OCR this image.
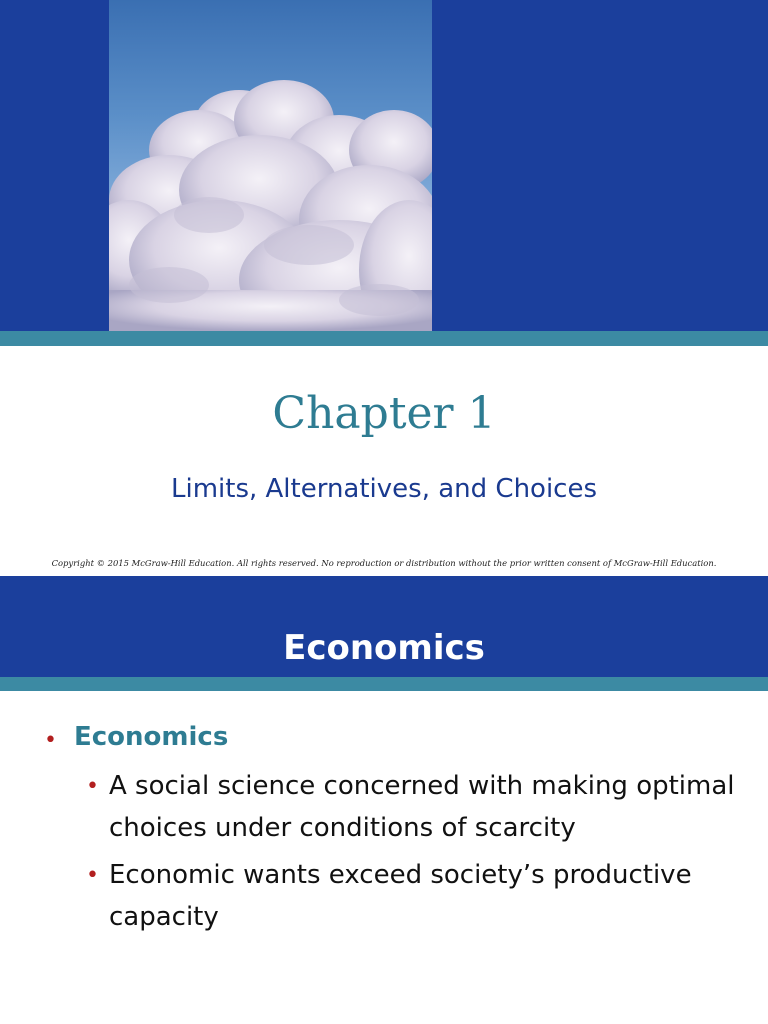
Chapter 1
Limits, Alternatives, and Choices
Copyright © 2015 McGraw-Hill Education. All rights reserved. No reproduction or distribution without the prior written consent of McGraw-Hill Education.
Economics
• Economics
• A social science concerned with making optimal choices under conditions of scarcity
• Economic wants exceed society’s productive capacity
